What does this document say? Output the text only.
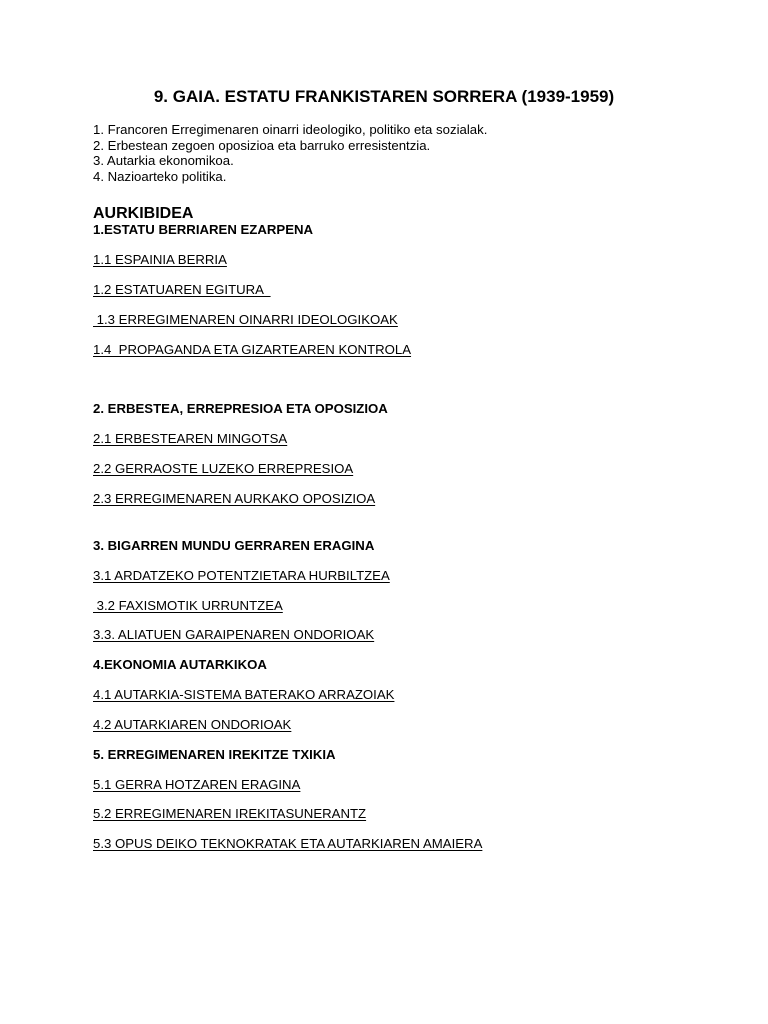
9. GAIA. ESTATU FRANKISTAREN SORRERA (1939-1959)
1. Francoren Erregimenaren oinarri ideologiko, politiko eta sozialak.
2. Erbestean zegoen oposizioa eta barruko erresistentzia.
3. Autarkia ekonomikoa.
4. Nazioarteko politika.
AURKIBIDEA
1.ESTATU BERRIAREN EZARPENA
1.1 ESPAINIA BERRIA
1.2 ESTATUAREN EGITURA
1.3 ERREGIMENAREN OINARRI IDEOLOGIKOAK
1.4  PROPAGANDA ETA GIZARTEAREN KONTROLA
2. ERBESTEA, ERREPRESIOA ETA OPOSIZIOA
2.1 ERBESTEAREN MINGOTSA
2.2 GERRAOSTE LUZEKO ERREPRESIOA
2.3 ERREGIMENAREN AURKAKO OPOSIZIOA
3. BIGARREN MUNDU GERRAREN ERAGINA
3.1 ARDATZEKO POTENTZIETARA HURBILTZEA
3.2 FAXISMOTIK URRUNTZEA
3.3. ALIATUEN GARAIPENAREN ONDORIOAK
4.EKONOMIA AUTARKIKOA
4.1 AUTARKIA-SISTEMA BATERAKO ARRAZOIAK
4.2 AUTARKIAREN ONDORIOAK
5. ERREGIMENAREN IREKITZE TXIKIA
5.1 GERRA HOTZAREN ERAGINA
5.2 ERREGIMENAREN IREKITASUNERANTZ
5.3 OPUS DEIKO TEKNOKRATAK ETA AUTARKIAREN AMAIERA
